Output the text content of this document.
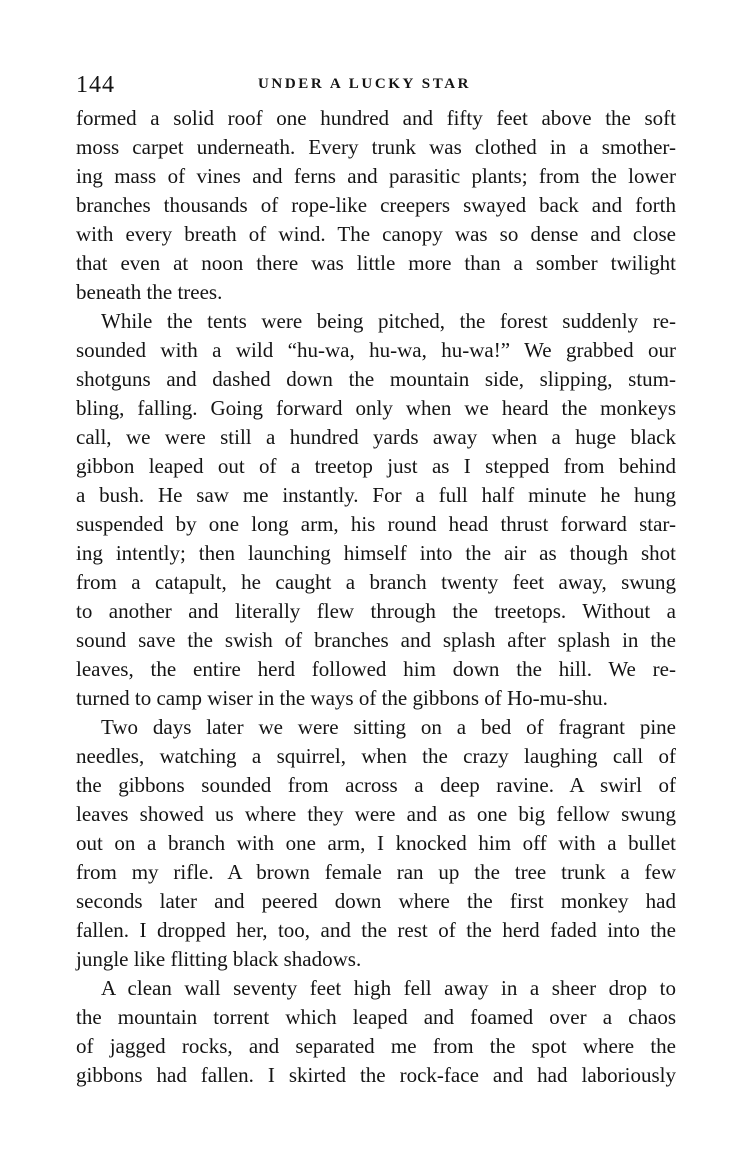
144	UNDER A LUCKY STAR
formed a solid roof one hundred and fifty feet above the soft
moss carpet underneath. Every trunk was clothed in a smother-
ing mass of vines and ferns and parasitic plants; from the lower
branches thousands of rope-like creepers swayed back and forth
with every breath of wind. The canopy was so dense and close
that even at noon there was little more than a somber twilight
beneath the trees.
While the tents were being pitched, the forest suddenly re-
sounded with a wild “hu-wa, hu-wa, hu-wa!” We grabbed our
shotguns and dashed down the mountain side, slipping, stum-
bling, falling. Going forward only when we heard the monkeys
call, we were still a hundred yards away when a huge black
gibbon leaped out of a treetop just as I stepped from behind
a bush. He saw me instantly. For a full half minute he hung
suspended by one long arm, his round head thrust forward star-
ing intently; then launching himself into the air as though shot
from a catapult, he caught a branch twenty feet away, swung
to another and literally flew through the treetops. Without a
sound save the swish of branches and splash after splash in the
leaves, the entire herd followed him down the hill. We re-
turned to camp wiser in the ways of the gibbons of Ho-mu-shu.
Two days later we were sitting on a bed of fragrant pine
needles, watching a squirrel, when the crazy laughing call of
the gibbons sounded from across a deep ravine. A swirl of
leaves showed us where they were and as one big fellow swung
out on a branch with one arm, I knocked him off with a bullet
from my rifle. A brown female ran up the tree trunk a few
seconds later and peered down where the first monkey had
fallen. I dropped her, too, and the rest of the herd faded into the
jungle like flitting black shadows.
A clean wall seventy feet high fell away in a sheer drop to
the mountain torrent which leaped and foamed over a chaos
of jagged rocks, and separated me from the spot where the
gibbons had fallen. I skirted the rock-face and had laboriously
